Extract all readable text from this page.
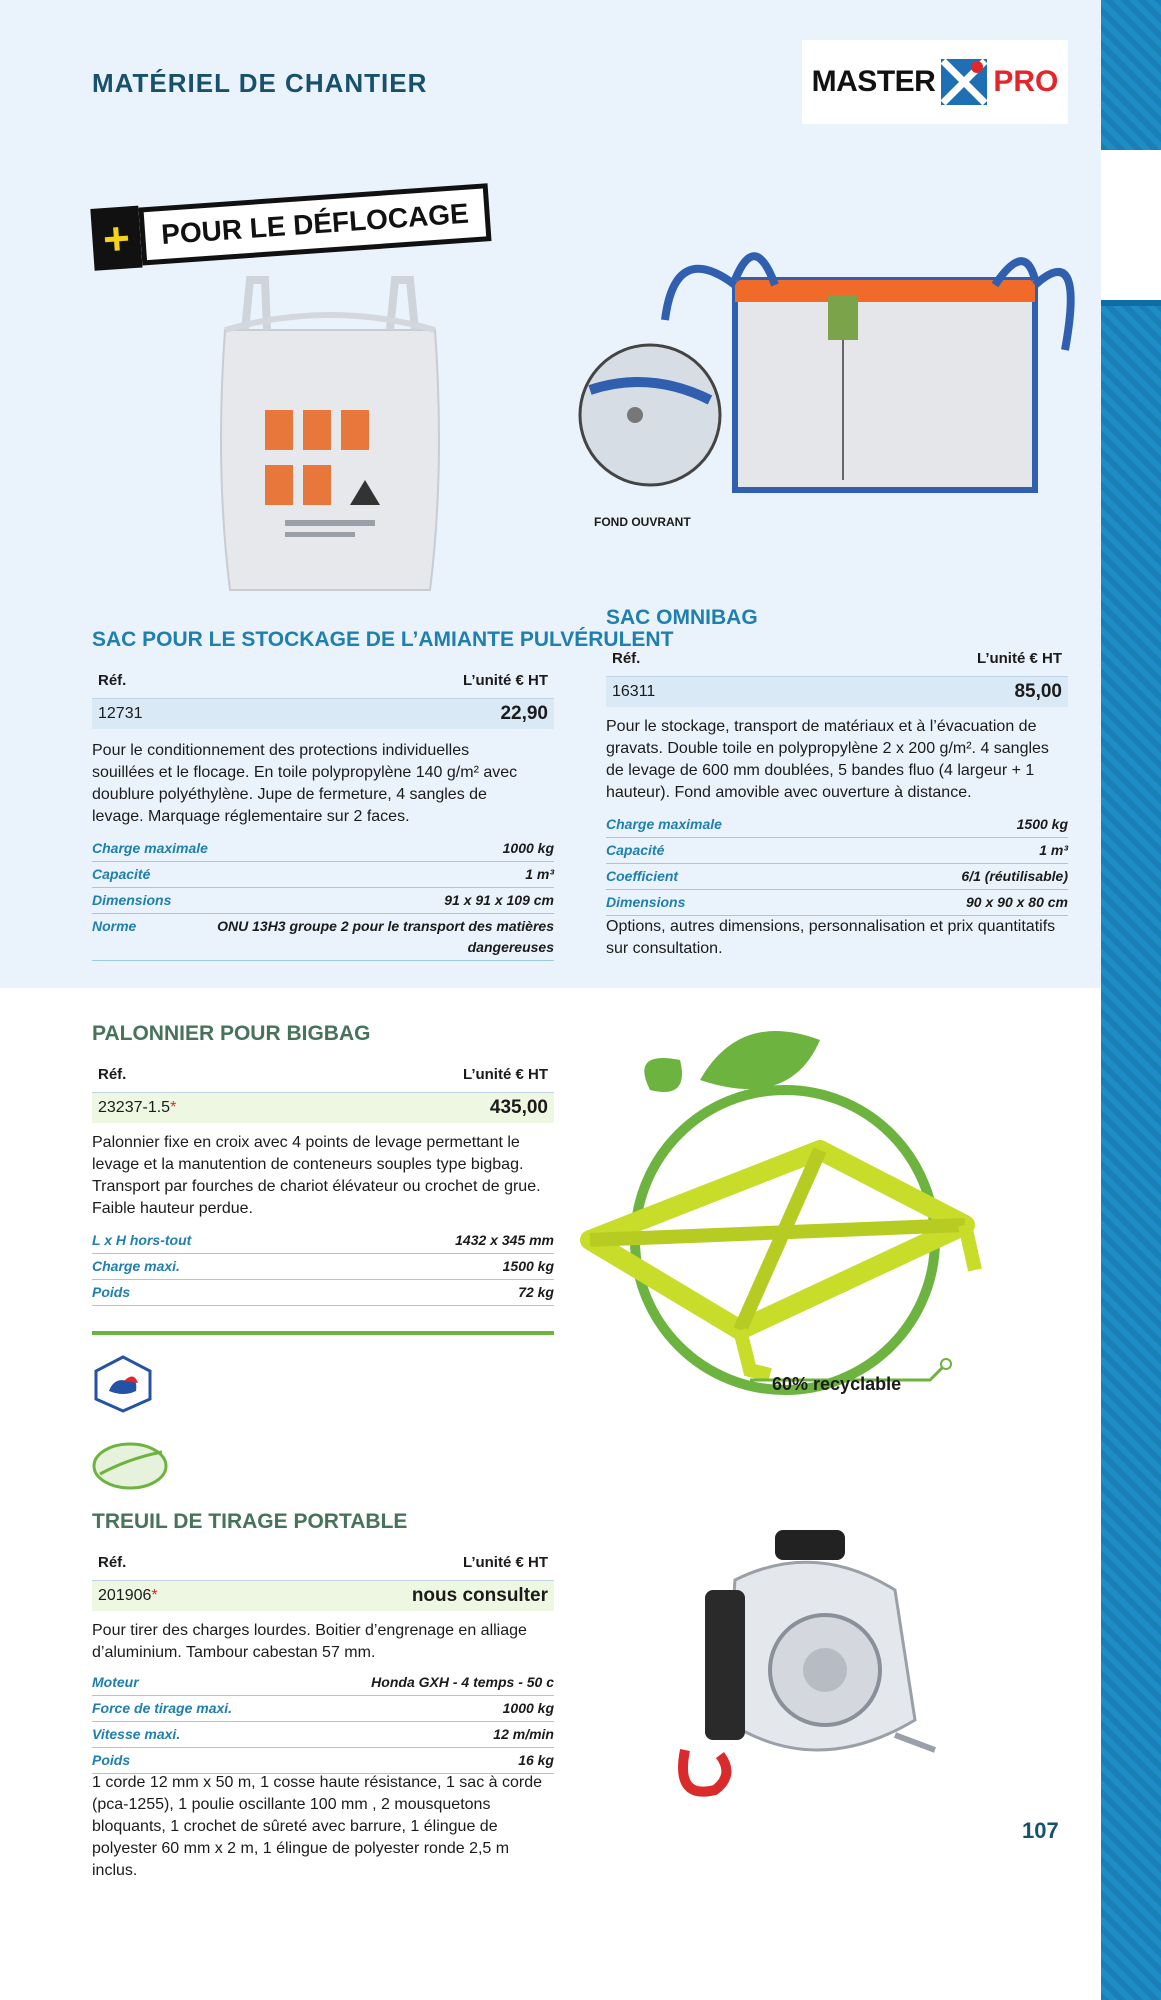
MATÉRIEL DE CHANTIER	MASTER PRO
+	POUR LE DÉFLOCAGE
FOND OUVRANT
SAC POUR LE STOCKAGE DE L’AMIANTE PULVÉRULENT
Réf.	L’unité € HT
12731	22,90
Pour le conditionnement des protections individuelles souillées et le flocage. En toile polypropylène 140 g/m² avec doublure polyéthylène. Jupe de fermeture, 4 sangles de levage. Marquage réglementaire sur 2 faces.
Charge maximale	1000 kg
Capacité	1 m³
Dimensions	91 x 91 x 109 cm
Norme	ONU 13H3 groupe 2 pour le transport des matières dangereuses
SAC OMNIBAG
Réf.	L’unité € HT
16311	85,00
Pour le stockage, transport de matériaux et à l’évacuation de gravats. Double toile en polypropylène 2 x 200 g/m². 4 sangles de levage de 600 mm doublées, 5 bandes fluo (4 largeur + 1 hauteur). Fond amovible avec ouverture à distance.
Charge maximale	1500 kg
Capacité	1 m³
Coefficient	6/1 (réutilisable)
Dimensions	90 x 90 x 80 cm
Options, autres dimensions, personnalisation et prix quantitatifs sur consultation.
PALONNIER POUR BIGBAG
Réf.	L’unité € HT
23237-1.5*	435,00
Palonnier fixe en croix avec 4 points de levage permettant le levage et la manutention de conteneurs souples type bigbag. Transport par fourches de chariot élévateur ou crochet de grue. Faible hauteur perdue.
L x H hors-tout	1432 x 345 mm
Charge maxi.	1500 kg
Poids	72 kg
60% recyclable
TREUIL DE TIRAGE PORTABLE
Réf.	L’unité € HT
201906*	nous consulter
Pour tirer des charges lourdes. Boitier d’engrenage en alliage d’aluminium. Tambour cabestan 57 mm.
Moteur	Honda GXH - 4 temps - 50 c
Force de tirage maxi.	1000 kg
Vitesse maxi.	12 m/min
Poids	16 kg
1 corde 12 mm x 50 m, 1 cosse haute résistance, 1 sac à corde (pca-1255), 1 poulie oscillante 100 mm , 2 mousquetons bloquants, 1 crochet de sûreté avec barrure, 1 élingue de polyester 60 mm x 2 m, 1 élingue de polyester ronde 2,5 m inclus.
107
